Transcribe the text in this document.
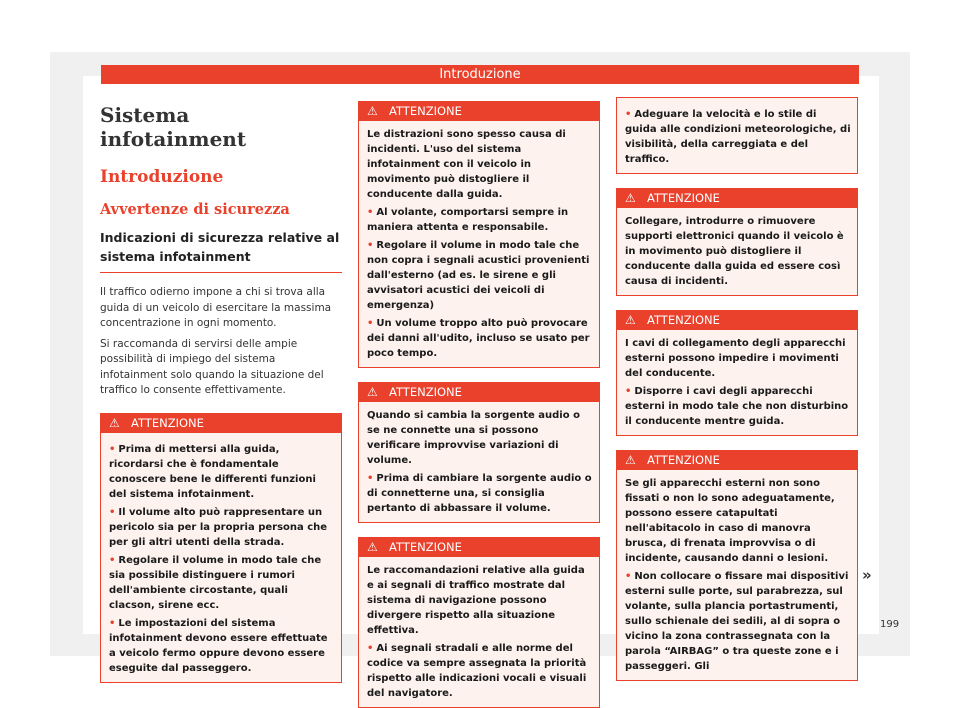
Introduzione
Sistema infotainment
Introduzione
Avvertenze di sicurezza
Indicazioni di sicurezza relative al sistema infotainment

Il traffico odierno impone a chi si trova alla guida di un veicolo di esercitare la massima concentrazione in ogni momento.

Si raccomanda di servirsi delle ampie possibilità di impiego del sistema infotainment solo quando la situazione del traffico lo consente effettivamente.

⚠ ATTENZIONE
• Prima di mettersi alla guida, ricordarsi che è fondamentale conoscere bene le differenti funzioni del sistema infotainment.
• Il volume alto può rappresentare un pericolo sia per la propria persona che per gli altri utenti della strada.
• Regolare il volume in modo tale che sia possibile distinguere i rumori dell'ambiente circostante, quali clacson, sirene ecc.
• Le impostazioni del sistema infotainment devono essere effettuate a veicolo fermo oppure devono essere eseguite dal passeggero.
⚠ ATTENZIONE
Le distrazioni sono spesso causa di incidenti. L'uso del sistema infotainment con il veicolo in movimento può distogliere il conducente dalla guida.
• Al volante, comportarsi sempre in maniera attenta e responsabile.
• Regolare il volume in modo tale che non copra i segnali acustici provenienti dall'esterno (ad es. le sirene e gli avvisatori acustici dei veicoli di emergenza)
• Un volume troppo alto può provocare dei danni all'udito, incluso se usato per poco tempo.
⚠ ATTENZIONE
Quando si cambia la sorgente audio o se ne connette una si possono verificare improvvise variazioni di volume.
• Prima di cambiare la sorgente audio o di connetterne una, si consiglia pertanto di abbassare il volume.
⚠ ATTENZIONE
Le raccomandazioni relative alla guida e ai segnali di traffico mostrate dal sistema di navigazione possono divergere rispetto alla situazione effettiva.
• Ai segnali stradali e alle norme del codice va sempre assegnata la priorità rispetto alle indicazioni vocali e visuali del navigatore.
• Adeguare la velocità e lo stile di guida alle condizioni meteorologiche, di visibilità, della carreggiata e del traffico.
⚠ ATTENZIONE
Collegare, introdurre o rimuovere supporti elettronici quando il veicolo è in movimento può distogliere il conducente dalla guida ed essere così causa di incidenti.
⚠ ATTENZIONE
I cavi di collegamento degli apparecchi esterni possono impedire i movimenti del conducente.
• Disporre i cavi degli apparecchi esterni in modo tale che non disturbino il conducente mentre guida.
⚠ ATTENZIONE
Se gli apparecchi esterni non sono fissati o non lo sono adeguatamente, possono essere catapultati nell'abitacolo in caso di manovra brusca, di frenata improvvisa o di incidente, causando danni o lesioni.
• Non collocare o fissare mai dispositivi esterni sulle porte, sul parabrezza, sul volante, sulla plancia portastrumenti, sullo schienale dei sedili, al di sopra o vicino la zona contrassegnata con la parola “AIRBAG” o tra queste zone e i passeggeri. Gli
»
199
